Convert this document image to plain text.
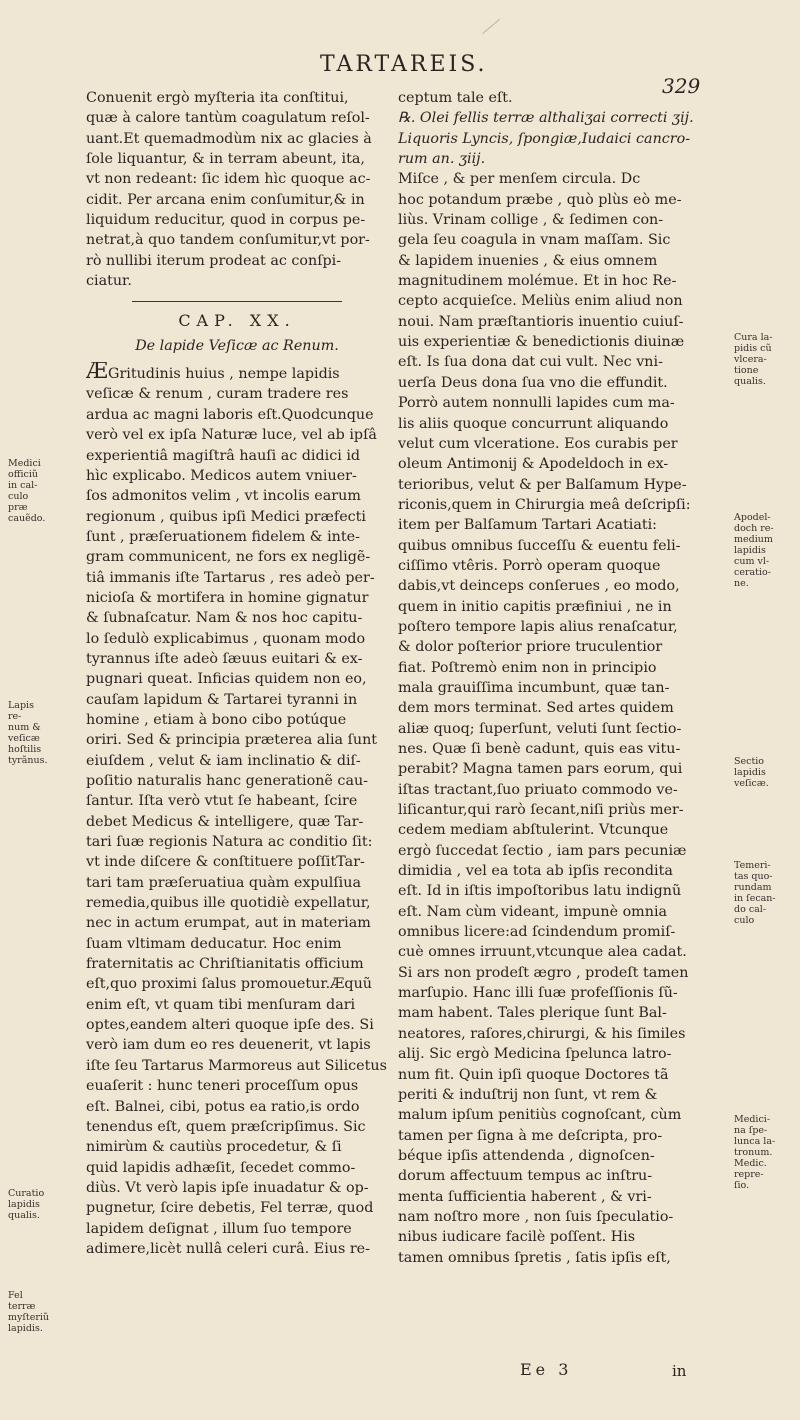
TARTAREIS.
329
Conuenit ergò myſteria ita conſtitui,
quæ à calore tantùm coagulatum reſol-
uant.Et quemadmodùm nix ac glacies à
ſole liquantur, & in terram abeunt, ita,
vt non redeant: ſic idem hìc quoque ac-
cidit. Per arcana enim conſumitur,& in
liquidum reducitur, quod in corpus pe-
netrat,à quo tandem conſumitur,vt por-
rò nullibi iterum prodeat ac conſpi-
ciatur.
CAP. XX.
De lapide Veſicæ ac Renum.
ÆGritudinis huius , nempe lapidis
veſicæ & renum , curam tradere res
ardua ac magni laboris eſt.Quodcunque
verò vel ex ipſa Naturæ luce, vel ab ipſâ
experientiâ magiſtrâ hauſi ac didici id
hìc explicabo. Medicos autem vniuer-
ſos admonitos velim , vt incolis earum
regionum , quibus ipſi Medici præfecti
ſunt , præſeruationem fidelem & inte-
gram communicent, ne fors ex negligẽ-
tiâ immanis iſte Tartarus , res adeò per-
nicioſa & mortifera in homine gignatur
& ſubnaſcatur. Nam & nos hoc capitu-
lo ſedulò explicabimus , quonam modo
tyrannus iſte adeò ſæuus euitari & ex-
pugnari queat. Inficias quidem non eo,
cauſam lapidum & Tartarei tyranni in
homine , etiam à bono cibo potúque
oriri. Sed & principia præterea alia ſunt
eiuſdem , velut & iam inclinatio & diſ-
poſitio naturalis hanc generationẽ cau-
ſantur. Iſta verò vtut ſe habeant, ſcire
debet Medicus & intelligere, quæ Tar-
tari ſuæ regionis Natura ac conditio ſit:
vt inde diſcere & conſtituere poſſitTar-
tari tam præſeruatiua quàm expulſiua
remedia,quibus ille quotidiè expellatur,
nec in actum erumpat, aut in materiam
ſuam vltimam deducatur. Hoc enim
fraternitatis ac Chriſtianitatis officium
eſt,quo proximi ſalus promouetur.Æquũ
enim eſt, vt quam tibi menſuram dari
optes,eandem alteri quoque ipſe des. Si
verò iam dum eo res deuenerit, vt lapis
iſte ſeu Tartarus Marmoreus aut Silicetus
euaſerit : hunc teneri proceſſum opus
eſt. Balnei, cibi, potus ea ratio,is ordo
tenendus eſt, quem præſcripſimus. Sic
nimirùm & cautiùs procedetur, & ſi
quid lapidis adhæſit, ſecedet commo-
diùs. Vt verò lapis ipſe inuadatur & op-
pugnetur, ſcire debetis, Fel terræ, quod
lapidem deſignat , illum ſuo tempore
adimere,licèt nullâ celeri curâ. Eius re-
ceptum tale eſt.
℞. Olei fellis terræ althaliʒai correcti ʒij.
Liquoris Lyncis, ſpongiæ,Iudaici cancro-
rum an. ʒiij.
Miſce , & per menſem circula. Dc
hoc potandum præbe , quò plùs eò me-
liùs. Vrinam collige , & ſedimen con-
gela ſeu coagula in vnam maſſam. Sic
& lapidem inuenies , & eius omnem
magnitudinem molémue. Et in hoc Re-
cepto acquieſce. Meliùs enim aliud non
noui. Nam præſtantioris inuentio cuiuſ-
uis experientiæ & benedictionis diuinæ
eſt. Is ſua dona dat cui vult. Nec vni-
uerſa Deus dona ſua vno die effundit.
Porrò autem nonnulli lapides cum ma-
lis aliis quoque concurrunt aliquando
velut cum vlceratione. Eos curabis per
oleum Antimonij & Apodeldoch in ex-
terioribus, velut & per Balſamum Hype-
riconis,quem in Chirurgia meâ deſcripſi:
item per Balſamum Tartari Acatiati:
quibus omnibus ſucceſſu & euentu feli-
ciſſimo vtêris. Porrò operam quoque
dabis,vt deinceps conſerues , eo modo,
quem in initio capitis præfiniui , ne in
poſtero tempore lapis alius renaſcatur,
& dolor poſterior priore truculentior
fiat. Poſtremò enim non in principio
mala grauiſſima incumbunt, quæ tan-
dem mors terminat. Sed artes quidem
aliæ quoq; ſuperſunt, veluti ſunt ſectio-
nes. Quæ ſi benè cadunt, quis eas vitu-
perabit? Magna tamen pars eorum, qui
iſtas tractant,ſuo priuato commodo ve-
liſicantur,qui rarò ſecant,niſi priùs mer-
cedem mediam abſtulerint. Vtcunque
ergò ſuccedat ſectio , iam pars pecuniæ
dimidia , vel ea tota ab ipſis recondita
eſt. Id in iſtis impoſtoribus latu indignũ
eſt. Nam cùm videant, impunè omnia
omnibus licere:ad ſcindendum promiſ-
cuè omnes irruunt,vtcunque alea cadat.
Si ars non prodeſt ægro , prodeſt tamen
marſupio. Hanc illi ſuæ profeſſionis ſũ-
mam habent. Tales plerique ſunt Bal-
neatores, raſores,chirurgi, & his ſimiles
alij. Sic ergò Medicina ſpelunca latro-
num fit. Quin ipſi quoque Doctores tã
periti & induſtrij non ſunt, vt rem &
malum ipſum penitiùs cognoſcant, cùm
tamen per ſigna à me deſcripta, pro-
béque ipſis attendenda , dignoſcen-
dorum affectuum tempus ac inſtru-
menta ſufficientia haberent , & vri-
nam noſtro more , non ſuis ſpeculatio-
nibus iudicare facilè poſſent. His
tamen omnibus ſpretis , ſatis ipſis eſt,
Medici
officiũ
in cal-
culo præ
cauẽdo.
Lapis re-
num &
veſicæ
hoſtilis
tyrãnus.
Curatio
lapidis
qualis.
Fel terræ
myſteriũ
lapidis.
Cura la-
pidis cũ
vlcera-
tione
qualis.
Apodel-
doch re-
medium
lapidis
cum vl-
ceratio-
ne.
Sectio
lapidis
veſicæ.
Temeri-
tas quo-
rundam
in ſecan-
do cal-
culo
Medici-
na ſpe-
lunca la-
tronum.
Medic.
repre-
ſio.
Ee 3	in
